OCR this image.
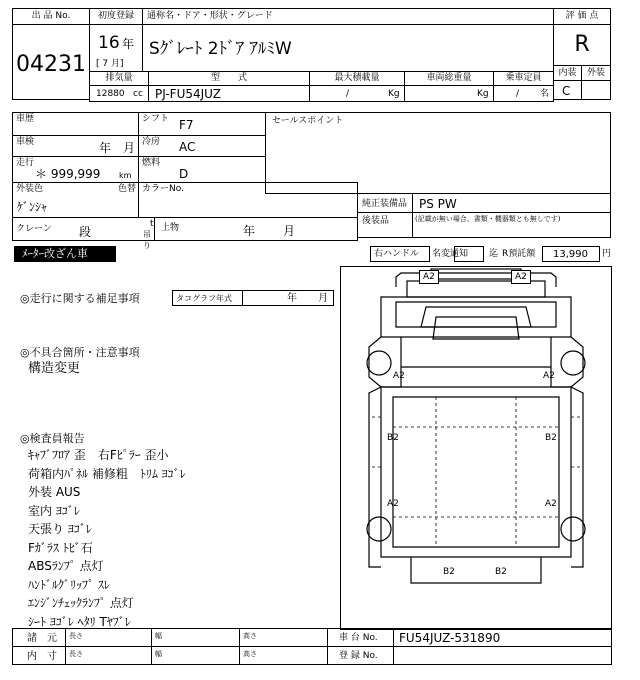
出 品 No.
04231
初度登録	通称名・ドア・形状・グレード	評 価 点
16 年
[ 7 月]
Sｸﾞﾚｰﾄ 2ﾄﾞｱ ｱﾙﾐW	R
内装	外装
C
排気量	型　　式	最大積載量	車両総重量	乗車定員
12880 cc PJ-FU54JUZ	/	Kg	Kg	/ 名
車歴	シフト F7	セールスポイント
車検	年 月 冷房 AC
走行
＊ 999,999 km
燃料
D
外装色
ｹﾞﾝｼｬ
色替 カラーNo.
純正装備品 PS PW
後装品	(記載が無い場合、書類・機器類とも無しです)
クレーン 段
t
吊り
上物	年 月
ﾒｰﾀｰ改ざん車	右ハンドル 名変通知 迄 R預託額 13,990 円
◎走行に関する補足事項	タコグラフ年式	年 月
◎不具合箇所・注意事項
構造変更
◎検査員報告
ｷｬﾌﾞﾌﾛｱ 歪　右Fﾋﾟﾗｰ 歪小
荷箱内ﾊﾟﾈﾙ 補修粗　ﾄﾘﾑ ﾖｺﾞﾚ
外装 AUS
室内 ﾖｺﾞﾚ
天張り ﾖｺﾞﾚ
Fｶﾞﾗｽ ﾄﾋﾞ石
ABSﾗﾝﾌﾟ 点灯
ﾊﾝﾄﾞﾙｸﾞﾘｯﾌﾟ ｽﾚ
ｴﾝｼﾞﾝﾁｪｯｸﾗﾝﾌﾟ 点灯
ｼｰﾄ ﾖｺﾞﾚ ﾍﾀﾘ Tﾔﾌﾞﾚ
A2	A2
A2	A2
B2	B2
A2	A2
B2	B2
諸　元 長さ	幅	高さ	車 台 No. FU54JUZ-531890
内　寸 長さ	幅	高さ	登 録 No.
